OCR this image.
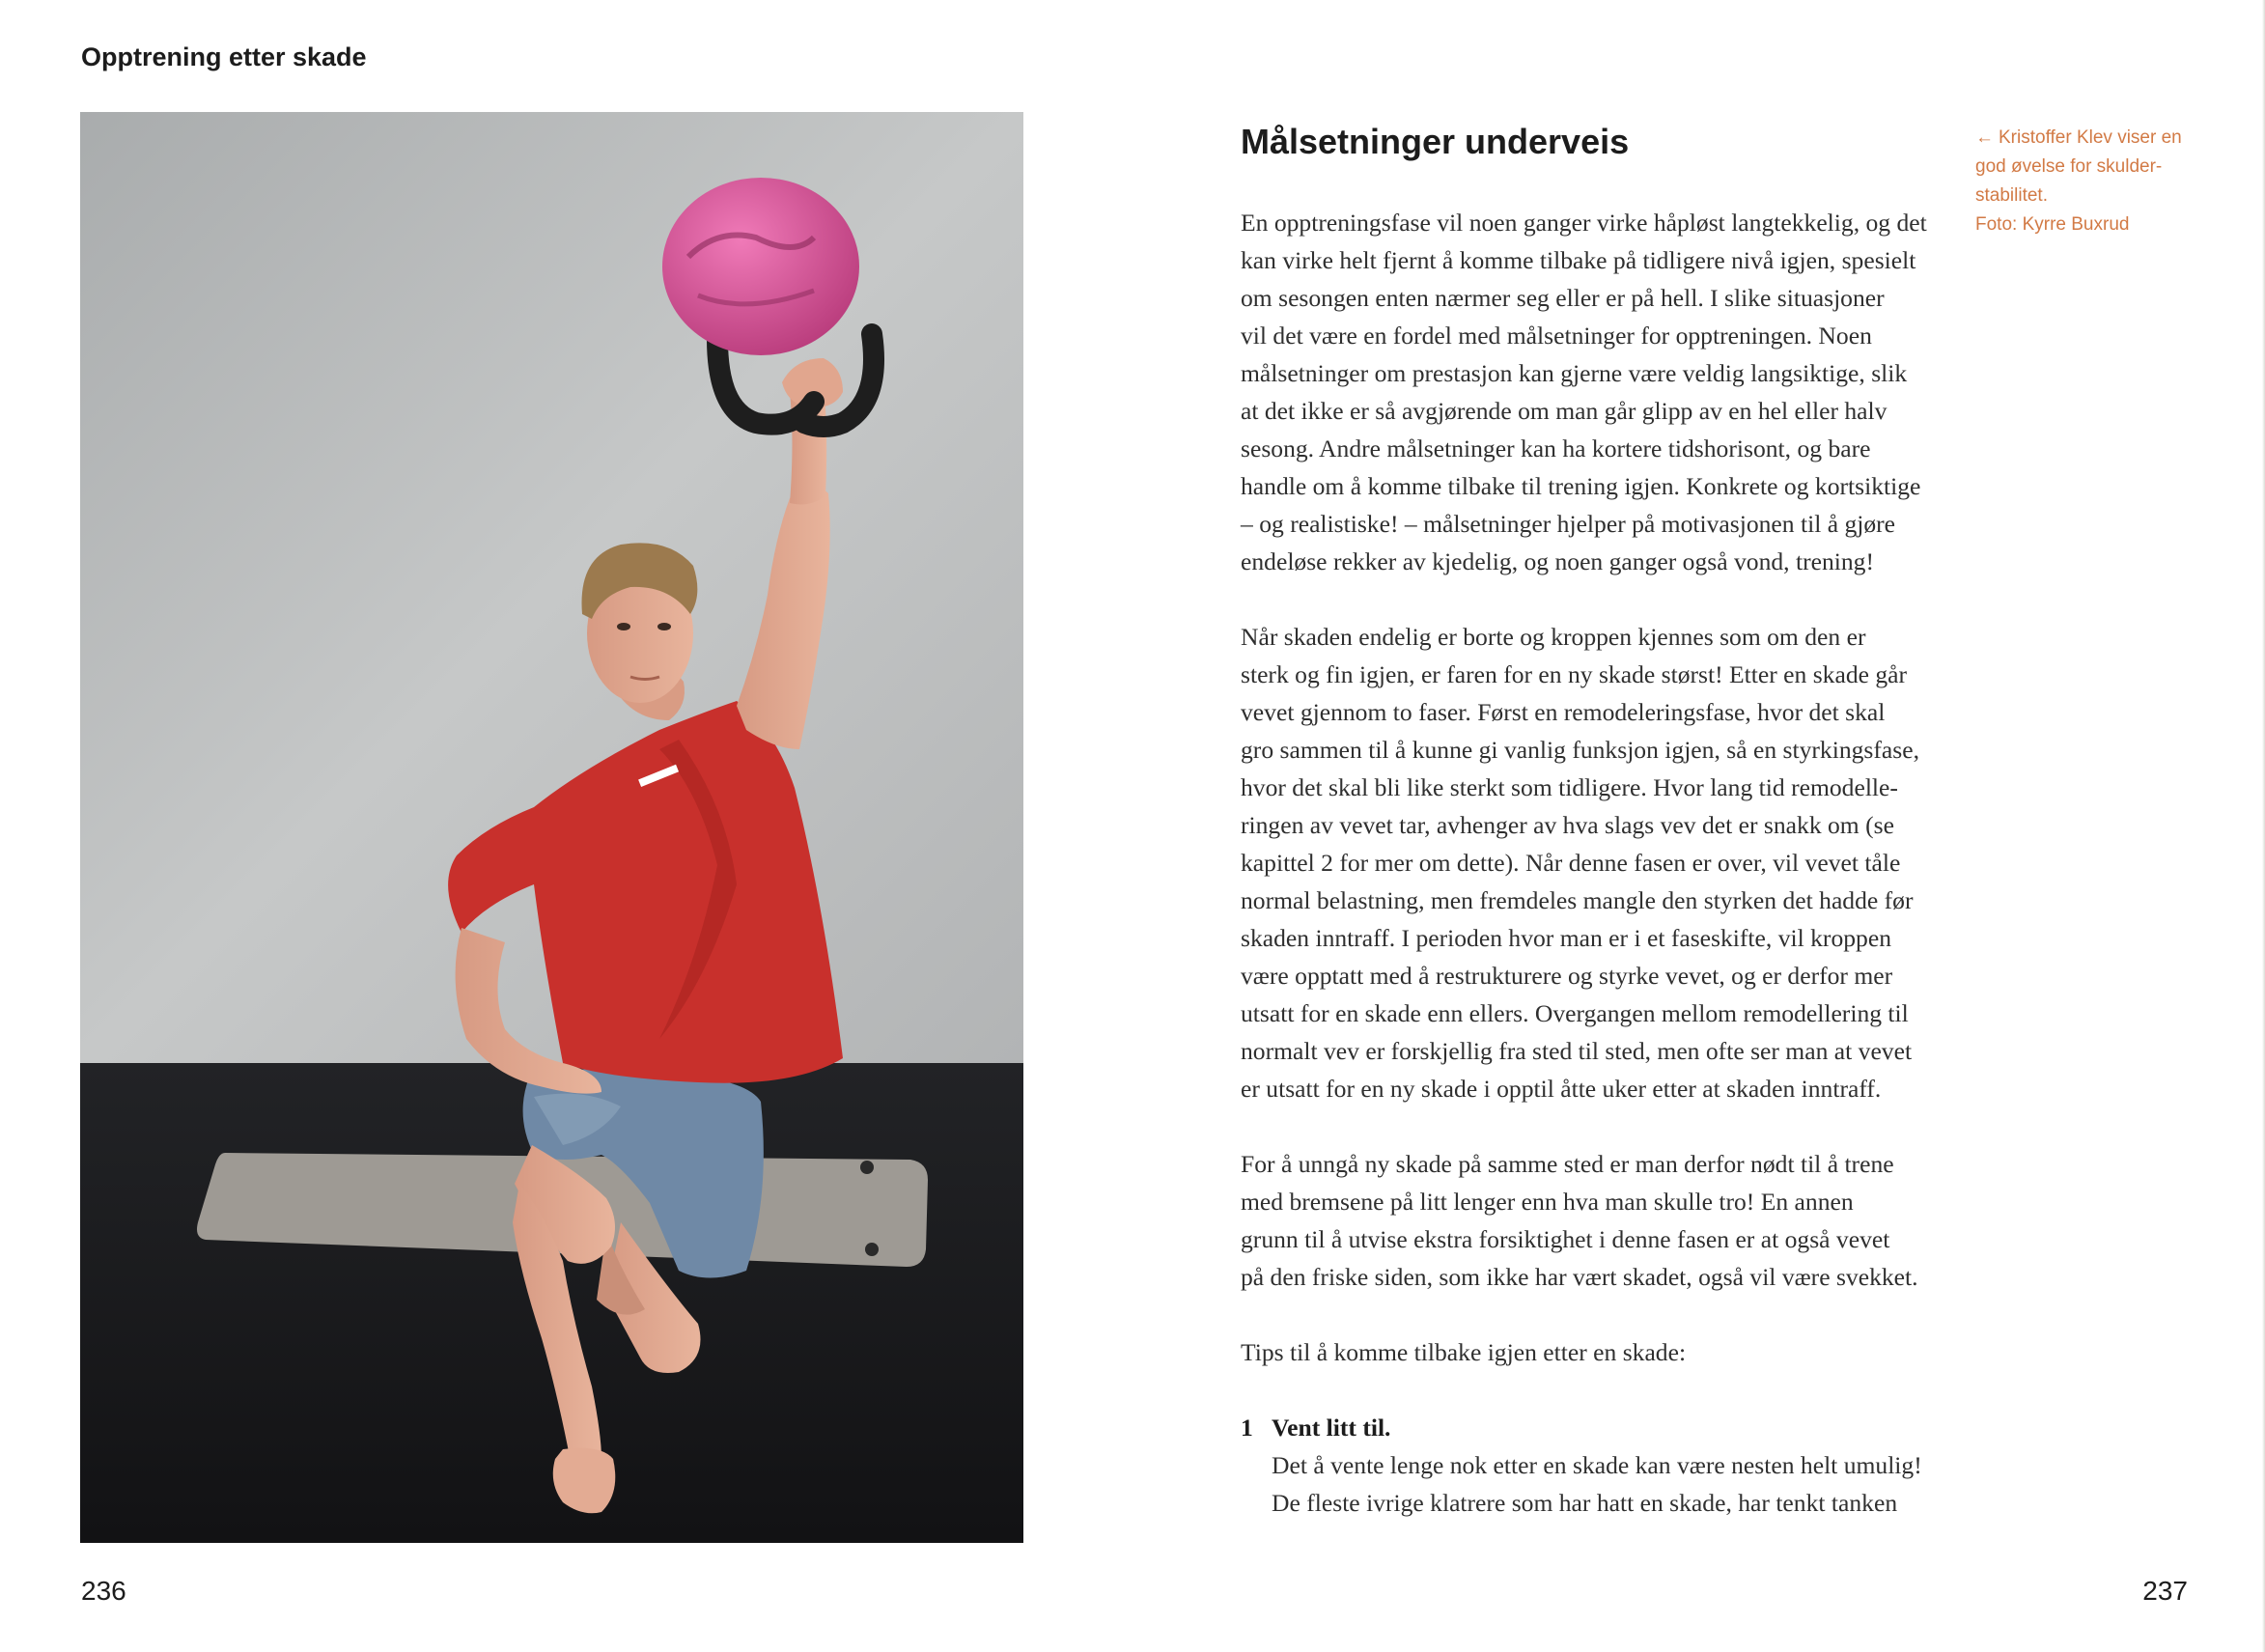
Opptrening etter skade
Målsetninger underveis
En opptreningsfase vil noen ganger virke håpløst langtekkelig, og det
kan virke helt fjernt å komme tilbake på tidligere nivå igjen, spesielt
om sesongen enten nærmer seg eller er på hell. I slike situasjoner
vil det være en fordel med målsetninger for opptreningen. Noen
målsetninger om prestasjon kan gjerne være veldig langsiktige, slik
at det ikke er så avgjørende om man går glipp av en hel eller halv
sesong. Andre målsetninger kan ha kortere tidshorisont, og bare
handle om å komme tilbake til trening igjen. Konkrete og kortsiktige
– og realistiske! – målsetninger hjelper på motivasjonen til å gjøre
endeløse rekker av kjedelig, og noen ganger også vond, trening!
Når skaden endelig er borte og kroppen kjennes som om den er
sterk og fin igjen, er faren for en ny skade størst! Etter en skade går
vevet gjennom to faser. Først en remodeleringsfase, hvor det skal
gro sammen til å kunne gi vanlig funksjon igjen, så en styrkingsfase,
hvor det skal bli like sterkt som tidligere. Hvor lang tid remodelle-
ringen av vevet tar, avhenger av hva slags vev det er snakk om (se
kapittel 2 for mer om dette). Når denne fasen er over, vil vevet tåle
normal belastning, men fremdeles mangle den styrken det hadde før
skaden inntraff. I perioden hvor man er i et faseskifte, vil kroppen
være opptatt med å restrukturere og styrke vevet, og er derfor mer
utsatt for en skade enn ellers. Overgangen mellom remodellering til
normalt vev er forskjellig fra sted til sted, men ofte ser man at vevet
er utsatt for en ny skade i opptil åtte uker etter at skaden inntraff.
For å unngå ny skade på samme sted er man derfor nødt til å trene
med bremsene på litt lenger enn hva man skulle tro! En annen
grunn til å utvise ekstra forsiktighet i denne fasen er at også vevet
på den friske siden, som ikke har vært skadet, også vil være svekket.
Tips til å komme tilbake igjen etter en skade:
1 Vent litt til.
Det å vente lenge nok etter en skade kan være nesten helt umulig!
De fleste ivrige klatrere som har hatt en skade, har tenkt tanken
← Kristoffer Klev viser en
god øvelse for skulder-
stabilitet.
Foto: Kyrre Buxrud
236	237
